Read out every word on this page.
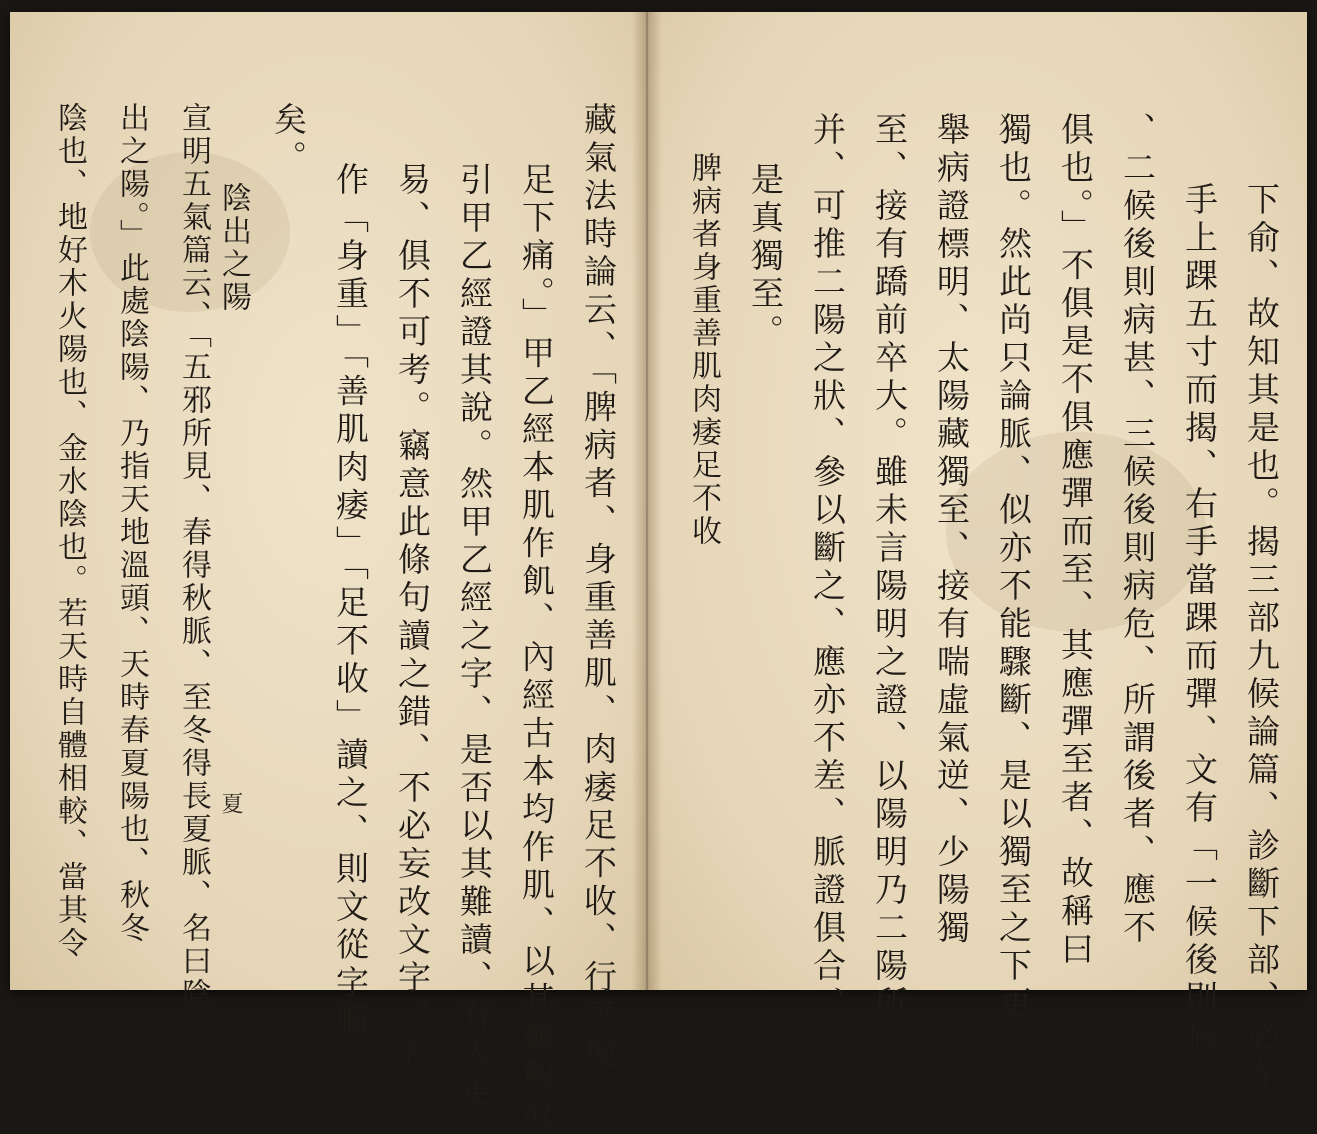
藏氣法時論云、「脾病者、身重善肌、肉痿足不收、行善瘈、
足下痛。」甲乙經本肌作飢、內經古本均作肌、以其難解故
引甲乙經證其說。然甲乙經之字、是否以其難讀、有人更
易、俱不可考。竊意此條句讀之錯、不必妄改文字、若
作「身重」「善肌肉痿」「足不收」讀之、則文從字順
矣。
陰出之陽
宣明五氣篇云、「五邪所見、春得秋脈、至冬得長夏脈、名曰陰
出之陽。」此處陰陽、乃指天地溫頭、天時春夏陽也、秋冬
陰也、地好木火陽也、金水陰也。若天時自體相較、當其令	夏	下俞、故知其是也。揭三部九候論篇、診斷下部、必左
手上踝五寸而揭、右手當踝而彈、文有「一候後則病
、二候後則病甚、三候後則病危、所謂後者、應不
俱也。」不俱是不俱應彈而至、其應彈至者、故稱曰
獨也。然此尚只論脈、似亦不能驟斷、是以獨至之下更
舉病證標明、太陽藏獨至、接有喘虛氣逆、少陽獨
至、接有蹻前卒大。雖未言陽明之證、以陽明乃二陽所
并、可推二陽之狀、參以斷之、應亦不差、脈證俱合、
是真獨至。
脾病者身重善肌肉痿足不收
